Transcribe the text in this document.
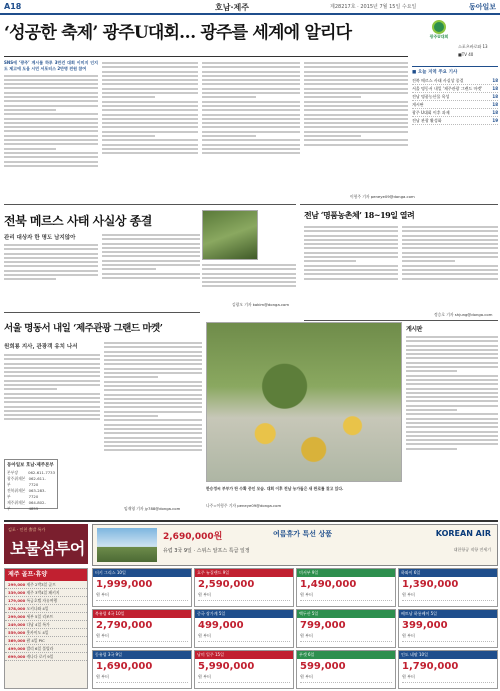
A18	호남·제주	제28217호 · 2015년 7월 15일 수요일	동아일보
‘성공한 축제’ 광주U대회… 광주를 세계에 알리다	광주U대회
스포츠바로와 13
■TV 40
■ 오늘 지역 주요 기사
전북 메르스 사태 사실상 종결	18
서울 명동서 내일 '제주관광 그랜드 마켓'	18
전남 명품농산물 육성	18
게시판	18
광주 U대회 이후 과제	18
전남 관광 활성화	19
SNS에 ‘광주’ 게시물 하루 3만건 대회 이미지 인지도 제고에 도움 시민 서포터스 2만명 전원 참여
이형주 기자 peneye09@donga.com
전북 메르스 사태 사실상 종결
관리 대상자 한 명도 남지않아
김광오 기자 kokim@donga.com
전남 ‘명품농촌체’ 18~19일 열려
정승호 기자 shjung@donga.com
서울 명동서 내일 ‘제주관광 그랜드 마켓’
원희룡 지사, 관광객 유치 나서
임재영 기자 jy788@donga.com
동아일보 호남·제주본부
본부장	062-611-7733
광주취재본부
062-611-7720
전북취재본부
063-283-7720
제주취재본부
064-802-4855
한승정씨 부부가 탄 수확 중인 모습. 대회 이후 전남 농가들은 새 판로를 찾고 있다.
나주=이형주 기자 peneye09@donga.com
게시판
김포 · 인천 출발 특가
보물섬투어
제주 골프·휴양
299,000 제주 2박3일 골프
339,000 제주 3박4일 패키지
179,000 특급호텔 자유여행
378,000 오키나와 4일
299,000 세부 5일 리조트
249,000 다낭 4일 특가
559,000 홋카이도 4일
369,000 괌 4일 PIC
499,000 발리 6일 풀빌라
699,000 캐나다 로키 9일
2,690,000원
유럽 3국 9일 · 스위스 알프스 특급 일정
여름휴가 특선 상품	KOREAN AIR
대한항공 직항 전세기
터키 그리스 10일
1,999,000
원 부터
호주 뉴질랜드 9일
2,590,000
원 부터
미서부 9일
1,490,000
원 부터
하와이 6일
1,390,000
원 부터
북유럽 4국 10일
2,790,000
원 부터
중국 장가계 5일
499,000
원 부터
백두산 5일
799,000
원 부터
베트남 하롱베이 5일
399,000
원 부터
동유럽 3국 9일
1,690,000
원 부터
남미 일주 15일
5,990,000
원 부터
푸켓 6일
599,000
원 부터
인도 네팔 10일
1,790,000
원 부터
